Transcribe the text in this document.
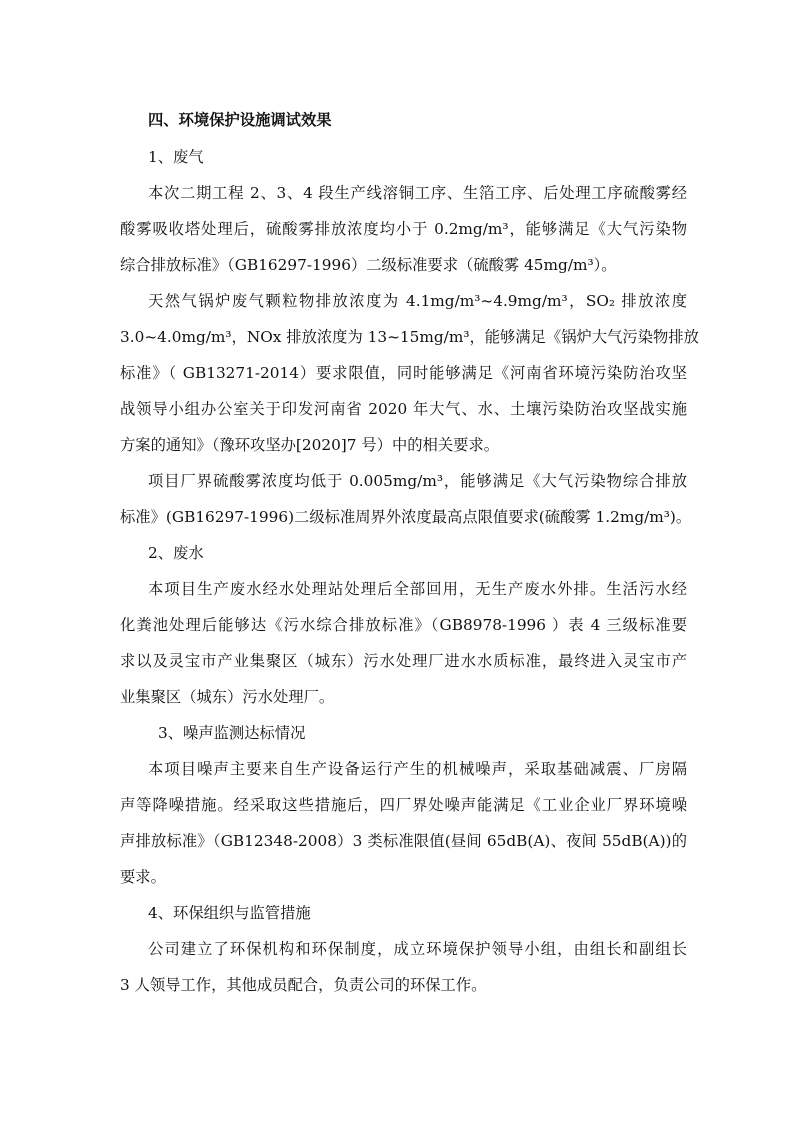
四、环境保护设施调试效果
1、废气
本次二期工程 2、3、4 段生产线溶铜工序、生箔工序、后处理工序硫酸雾经
酸雾吸收塔处理后，硫酸雾排放浓度均小于 0.2mg/m³，能够满足《大气污染物
综合排放标准》（GB16297-1996）二级标准要求（硫酸雾 45mg/m³）。
天然气锅炉废气颗粒物排放浓度为 4.1mg/m³~4.9mg/m³，SO₂ 排放浓度
3.0~4.0mg/m³，NOx 排放浓度为 13~15mg/m³，能够满足《锅炉大气污染物排放
标准》（ GB13271-2014）要求限值，同时能够满足《河南省环境污染防治攻坚
战领导小组办公室关于印发河南省 2020 年大气、水、土壤污染防治攻坚战实施
方案的通知》（豫环攻坚办[2020]7 号）中的相关要求。
项目厂界硫酸雾浓度均低于 0.005mg/m³，能够满足《大气污染物综合排放
标准》(GB16297-1996)二级标准周界外浓度最高点限值要求(硫酸雾 1.2mg/m³)。
2、废水
本项目生产废水经水处理站处理后全部回用，无生产废水外排。生活污水经
化粪池处理后能够达《污水综合排放标准》（GB8978-1996 ）表 4 三级标准要
求以及灵宝市产业集聚区（城东）污水处理厂进水水质标准，最终进入灵宝市产
业集聚区（城东）污水处理厂。
3、噪声监测达标情况
本项目噪声主要来自生产设备运行产生的机械噪声，采取基础减震、厂房隔
声等降噪措施。经采取这些措施后，四厂界处噪声能满足《工业企业厂界环境噪
声排放标准》（GB12348-2008）3 类标准限值(昼间 65dB(A)、夜间 55dB(A))的
要求。
4、环保组织与监管措施
公司建立了环保机构和环保制度，成立环境保护领导小组，由组长和副组长
3 人领导工作，其他成员配合，负责公司的环保工作。
